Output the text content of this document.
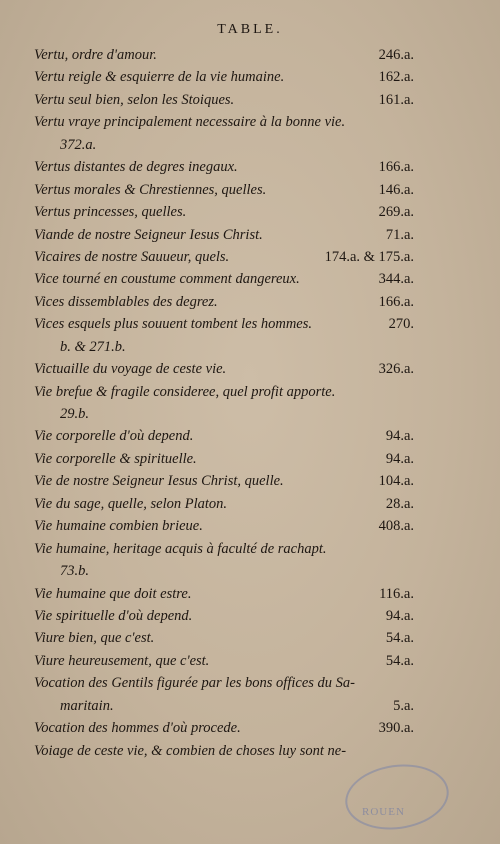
TABLE.
Vertu, ordre d'amour.	246.a.
Vertu reigle & esquierre de la vie humaine.	162.a.
Vertu seul bien, selon les Stoiques.	161.a.
Vertu vraye principalement necessaire à la bonne vie.
372.a.
Vertus distantes de degres inegaux.	166.a.
Vertus morales & Chrestiennes, quelles.	146.a.
Vertus princesses, quelles.	269.a.
Viande de nostre Seigneur Iesus Christ.	71.a.
Vicaires de nostre Sauueur, quels.	174.a. & 175.a.
Vice tourné en coustume comment dangereux.	344.a.
Vices dissemblables des degrez.	166.a.
Vices esquels plus souuent tombent les hommes.	270.
b. & 271.b.
Victuaille du voyage de ceste vie.	326.a.
Vie brefue & fragile consideree, quel profit apporte.
29.b.
Vie corporelle d'où depend.	94.a.
Vie corporelle & spirituelle.	94.a.
Vie de nostre Seigneur Iesus Christ, quelle.	104.a.
Vie du sage, quelle, selon Platon.	28.a.
Vie humaine combien brieue.	408.a.
Vie humaine, heritage acquis à faculté de rachapt.
73.b.
Vie humaine que doit estre.	116.a.
Vie spirituelle d'où depend.	94.a.
Viure bien, que c'est.	54.a.
Viure heureusement, que c'est.	54.a.
Vocation des Gentils figurée par les bons offices du Sa-
maritain.	5.a.
Vocation des hommes d'où procede.	390.a.
Voiage de ceste vie, & combien de choses luy sont ne-
ROUEN
